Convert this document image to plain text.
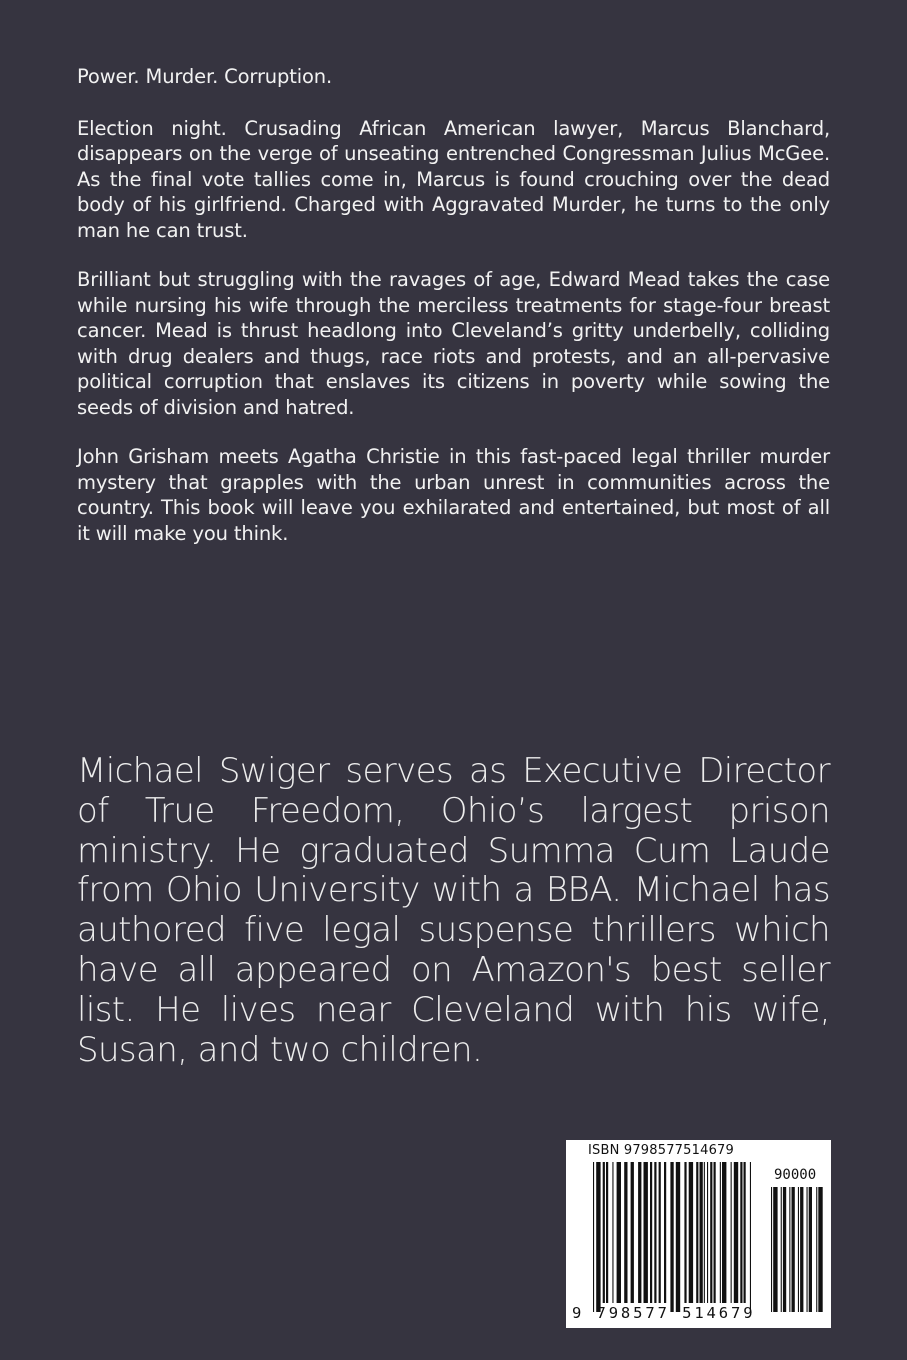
Power. Murder. Corruption.

Election night. Crusading African American lawyer, Marcus Blanchard, disappears on the verge of unseating entrenched Congressman Julius McGee. As the final vote tallies come in, Marcus is found crouching over the dead body of his girlfriend. Charged with Aggravated Murder, he turns to the only man he can trust.

Brilliant but struggling with the ravages of age, Edward Mead takes the case while nursing his wife through the merciless treatments for stage-four breast cancer. Mead is thrust headlong into Cleveland’s gritty underbelly, colliding with drug dealers and thugs, race riots and protests, and an all-pervasive political corruption that enslaves its citizens in poverty while sowing the seeds of division and hatred.

John Grisham meets Agatha Christie in this fast-paced legal thriller murder mystery that grapples with the urban unrest in communities across the country. This book will leave you exhilarated and entertained, but most of all it will make you think.

Michael Swiger serves as Executive Director of True Freedom, Ohio’s largest prison ministry. He graduated Summa Cum Laude from Ohio University with a BBA. Michael has authored five legal suspense thrillers which have all appeared on Amazon's best seller list. He lives near Cleveland with his wife, Susan, and two children.

ISBN 9798577514679
90000
9 798577 514679
